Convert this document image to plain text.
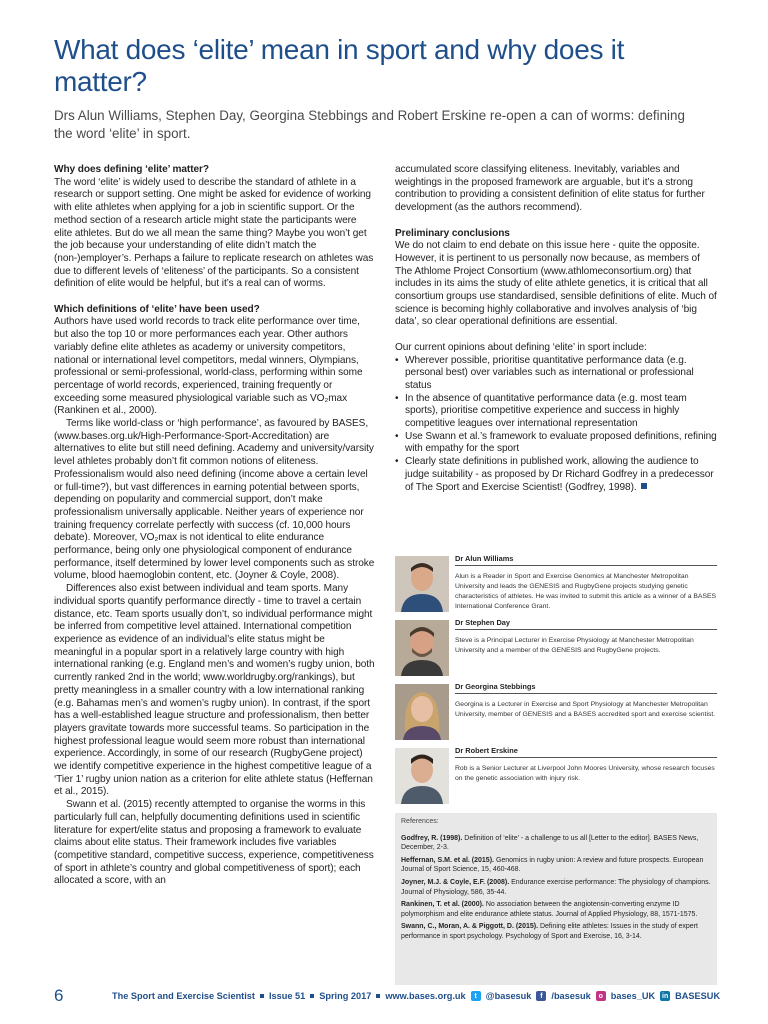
What does ‘elite’ mean in sport and why does it matter?

Drs Alun Williams, Stephen Day, Georgina Stebbings and Robert Erskine re-open a can of worms: defining the word ‘elite’ in sport.

Why does defining ‘elite’ matter?

The word ‘elite’ is widely used to describe the standard of athlete in a research or support setting. One might be asked for evidence of working with elite athletes when applying for a job in scientific support. Or the method section of a research article might state the participants were elite athletes. But do we all mean the same thing? Maybe you won’t get the job because your understanding of elite didn’t match the (non-)employer’s. Perhaps a failure to replicate research on athletes was due to different levels of ‘eliteness’ of the participants. So a consistent definition of elite would be helpful, but it’s a real can of worms.

Which definitions of ‘elite’ have been used?

Authors have used world records to track elite performance over time, but also the top 10 or more performances each year. Other authors variably define elite athletes as academy or university competitors, national or international level competitors, medal winners, Olympians, professional or semi-professional, world-class, performing within some percentage of world records, experienced, training frequently or exceeding some measured physiological variable such as VO₂max (Rankinen et al., 2000).

Terms like world-class or ‘high performance’, as favoured by BASES, (www.bases.org.uk/High-Performance-Sport-Accreditation) are alternatives to elite but still need defining. Academy and university/varsity level athletes probably don’t fit common notions of eliteness. Professionalism would also need defining (income above a certain level or full-time?), but vast differences in earning potential between sports, depending on popularity and commercial support, don’t make professionalism universally applicable. Neither years of experience nor training frequency correlate perfectly with success (cf. 10,000 hours debate). Moreover, VO₂max is not identical to elite endurance performance, being only one physiological component of endurance performance, itself determined by lower level components such as stroke volume, blood haemoglobin content, etc. (Joyner & Coyle, 2008).

Differences also exist between individual and team sports. Many individual sports quantify performance directly - time to travel a certain distance, etc. Team sports usually don’t, so individual performance might be inferred from competitive level attained. International competition experience as evidence of an individual’s elite status might be meaningful in a popular sport in a relatively large country with high international ranking (e.g. England men’s and women’s rugby union, both currently ranked 2nd in the world; www.worldrugby.org/rankings), but pretty meaningless in a smaller country with a low international ranking (e.g. Bahamas men’s and women’s rugby union). In contrast, if the sport has a well-established league structure and professionalism, then better players gravitate towards more successful teams. So participation in the highest professional league would seem more robust than international experience. Accordingly, in some of our research (RugbyGene project) we identify competitive experience in the highest competitive league of a ‘Tier 1’ rugby union nation as a criterion for elite athlete status (Heffernan et al., 2015).

Swann et al. (2015) recently attempted to organise the worms in this particularly full can, helpfully documenting definitions used in scientific literature for expert/elite status and proposing a framework to evaluate claims about elite status. Their framework includes five variables (competitive standard, competitive success, experience, competitiveness of sport in athlete’s country and global competitiveness of sport); each allocated a score, with an

accumulated score classifying eliteness. Inevitably, variables and weightings in the proposed framework are arguable, but it’s a strong contribution to providing a consistent definition of elite status for further development (as the authors recommend).

Preliminary conclusions

We do not claim to end debate on this issue here - quite the opposite. However, it is pertinent to us personally now because, as members of The Athlome Project Consortium (www.athlomeconsortium.org) that includes in its aims the study of elite athlete genetics, it is critical that all consortium groups use standardised, sensible definitions of elite. Much of science is becoming highly collaborative and involves analysis of ‘big data’, so clear operational definitions are essential.

Our current opinions about defining ‘elite’ in sport include:

• Wherever possible, prioritise quantitative performance data (e.g. personal best) over variables such as international or professional status
• In the absence of quantitative performance data (e.g. most team sports), prioritise competitive experience and success in highly competitive leagues over international representation
• Use Swann et al.’s framework to evaluate proposed definitions, refining with empathy for the sport
• Clearly state definitions in published work, allowing the audience to judge suitability - as proposed by Dr Richard Godfrey in a predecessor of The Sport and Exercise Scientist! (Godfrey, 1998).
Dr Alun Williams
Alun is a Reader in Sport and Exercise Genomics at Manchester Metropolitan University and leads the GENESIS and RugbyGene projects studying genetic characteristics of athletes. He was invited to submit this article as a winner of a BASES International Conference Grant.
Dr Stephen Day
Steve is a Principal Lecturer in Exercise Physiology at Manchester Metropolitan University and a member of the GENESIS and RugbyGene projects.
Dr Georgina Stebbings
Georgina is a Lecturer in Exercise and Sport Physiology at Manchester Metropolitan University, member of GENESIS and a BASES accredited sport and exercise scientist.
Dr Robert Erskine
Rob is a Senior Lecturer at Liverpool John Moores University, whose research focuses on the genetic association with injury risk.
References:
Godfrey, R. (1998). Definition of ‘elite’ - a challenge to us all [Letter to the editor]. BASES News, December, 2-3.
Heffernan, S.M. et al. (2015). Genomics in rugby union: A review and future prospects. European Journal of Sport Science, 15, 460-468.
Joyner, M.J. & Coyle, E.F. (2008). Endurance exercise performance: The physiology of champions. Journal of Physiology, 586, 35-44.
Rankinen, T. et al. (2000). No association between the angiotensin-converting enzyme ID polymorphism and elite endurance athlete status. Journal of Applied Physiology, 88, 1571-1575.
Swann, C., Moran, A. & Piggott, D. (2015). Defining elite athletes: Issues in the study of expert performance in sport psychology. Psychology of Sport and Exercise, 16, 3-14.
6	The Sport and Exercise Scientist Issue 51 Spring 2017 www.bases.org.uk	t @basesuk	f /basesuk	o bases_UK in BASESUK
